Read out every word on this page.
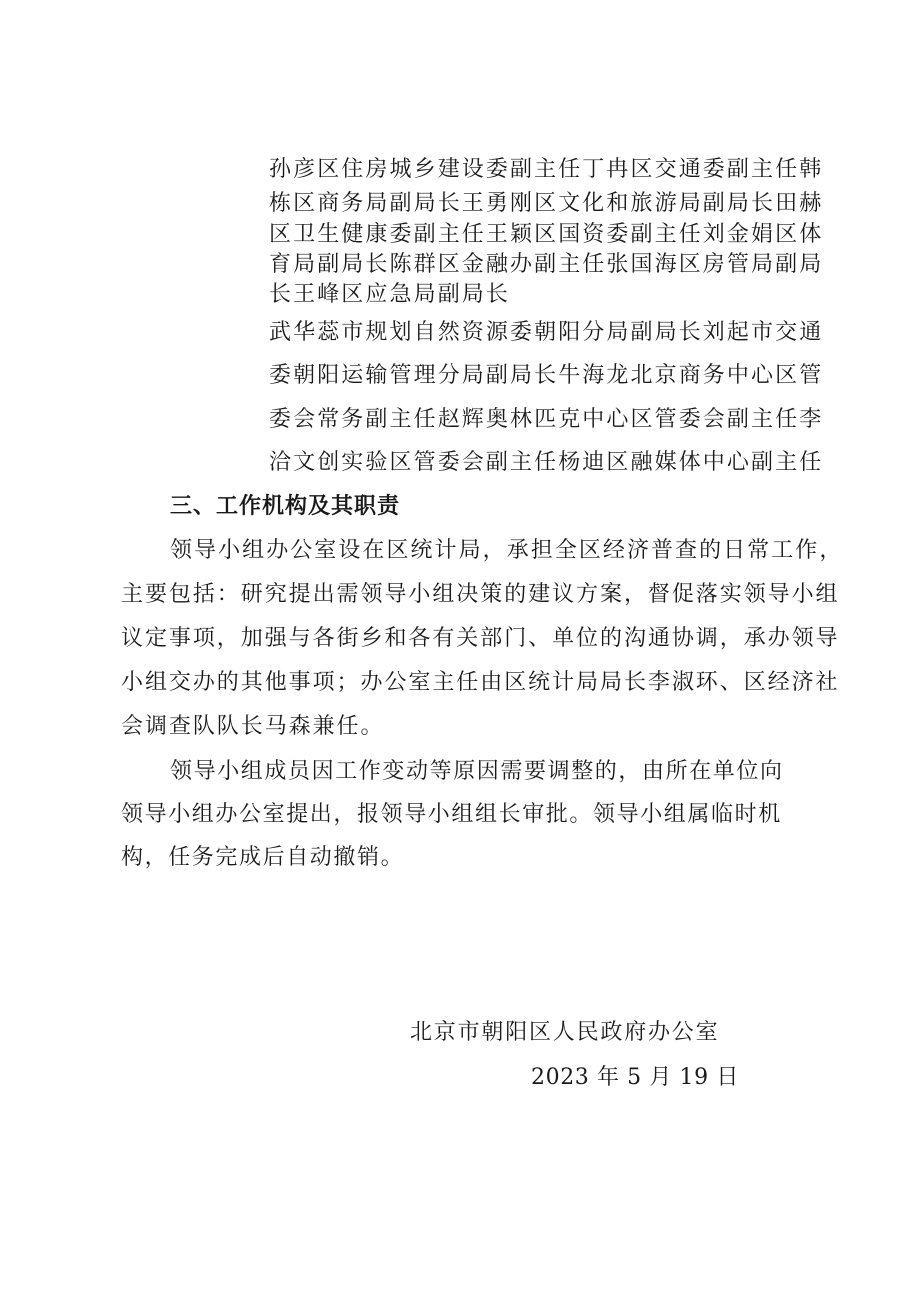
孙彦区住房城乡建设委副主任丁冉区交通委副主任韩
栋区商务局副局长王勇刚区文化和旅游局副局长田赫
区卫生健康委副主任王颖区国资委副主任刘金娟区体
育局副局长陈群区金融办副主任张国海区房管局副局
长王峰区应急局副局长
武华蕊市规划自然资源委朝阳分局副局长刘起市交通
委朝阳运输管理分局副局长牛海龙北京商务中心区管
委会常务副主任赵辉奥林匹克中心区管委会副主任李
洽文创实验区管委会副主任杨迪区融媒体中心副主任
三、工作机构及其职责
领导小组办公室设在区统计局，承担全区经济普查的日常工作，
主要包括：研究提出需领导小组决策的建议方案，督促落实领导小组
议定事项，加强与各街乡和各有关部门、单位的沟通协调，承办领导
小组交办的其他事项；办公室主任由区统计局局长李淑环、区经济社
会调查队队长马森兼任。
领导小组成员因工作变动等原因需要调整的，由所在单位向
领导小组办公室提出，报领导小组组长审批。领导小组属临时机
构，任务完成后自动撤销。
北京市朝阳区人民政府办公室
2023 年 5 月 19 日
